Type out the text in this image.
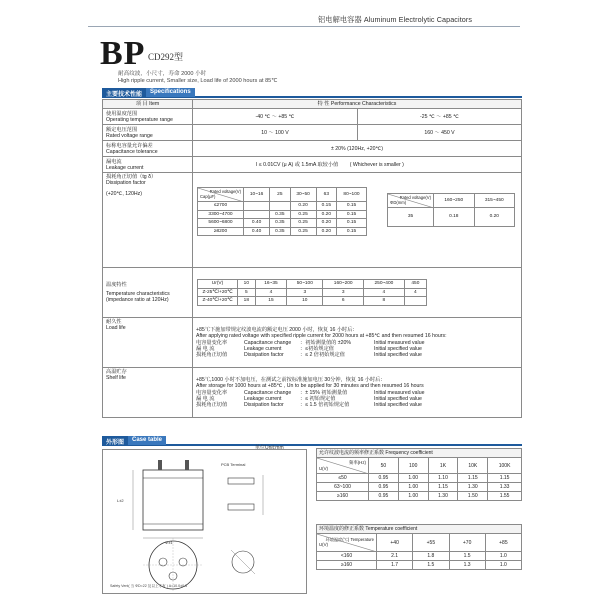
铝电解电容器 Aluminum Electrolytic Capacitors
BP CD292型
耐高纹波，小尺寸，寿命 2000 小时
High ripple current, Smaller size, Load life of 2000 hours at 85℃
主要技术性能	Specifications
项 目 Item	特 性 Performance Characteristics

使用温度范围
Operating temperature range
	-40 ℃ ～ +85 ℃	-25 ℃ ～ +85 ℃

额定电压范围
Rated voltage range
	10 ～ 100 V	160 ～ 450 V

标称电容量允许偏差
Capacitance tolerance
	± 20% (120Hz, +20℃)

漏电流
Leakage current
	I ≤ 0.01CV (μ A) 或 1.5mA 取较小值 ( Whichever is smaller )

损耗角正切值（tg δ）
Dissipation factor
(+20℃, 120Hz)
		Rated voltage(V)
Cap(μF)	10~16	25	30~50	63	80~100
≤2700			0.20	0.15	0.15
3300~4700		0.35	0.25	0.20	0.15
5600~6800	0.40	0.35	0.25	0.20	0.15
≥8200	0.40	0.35	0.25	0.20	0.15
Rated voltage(V)
ΦD(mm)	160~250	315~450
35	0.18	0.20

温度特性
Temperature characteristics
(impedance ratio at 120Hz)

Ur(V)	10	16~35	50~100	160~200	250~400	450
Z-25℃/+20℃	5	4	3	3	4	4
Z-40℃/+20℃	18	15	10	6	8	

耐久性
Load life	+85℃下施加带规定纹波电流的额定电压 2000 小时，恢复 16 小时后：
After applying rated voltage with specified ripple current for 2000 hours at +85℃ and then resumed 16 hours:
电容量变化率	Capacitance change	：初始测量值的 ±20%	Initial measured value
漏 电 流	Leakage current	：≤初始规定值	Initial specified value
损耗角正切值	Dissipation factor	：≤ 2 倍初始规定值	Initial specified value

高温贮存
Shelf life	+85℃,1000 小时不加电压，在测试之前按标准施加电压 30分钟，恢复 16 小时后：
After storage for 1000 hours at +85℃ , Un to be applied for 30 minutes and then resumed 16 hours
电容量变化率	Capacitance change	：± 15% 初始测量值	Initial measured value
漏 电 流	Leakage current	：≤ 初始规定值	Initial specified value
损耗角正切值	Dissipation factor	：≤ 1.5 倍初始规定值	Initial specified value
外形图	Case table
单位Unit:mm
PCB Terminal
L±2
Φ±1
Safety Vent( 当 ΦD=22 及以上才有 ) A=10.0±0.5
允许纹波电流的频率修正系数 Frequency coefficient					

频率(Hz)
U(V)	50	100	1K	10K	100K
≤50	0.95	1.00	1.10	1.15	1.15
63~100	0.95	1.00	1.15	1.30	1.33
≥160	0.95	1.00	1.30	1.50	1.55
环境温度的修正系数 Temperature coefficient				

环境温度(℃) Temperature
U(V)	+40	+55	+70	+85
<160	2.1	1.8	1.5	1.0
≥160	1.7	1.5	1.3	1.0
